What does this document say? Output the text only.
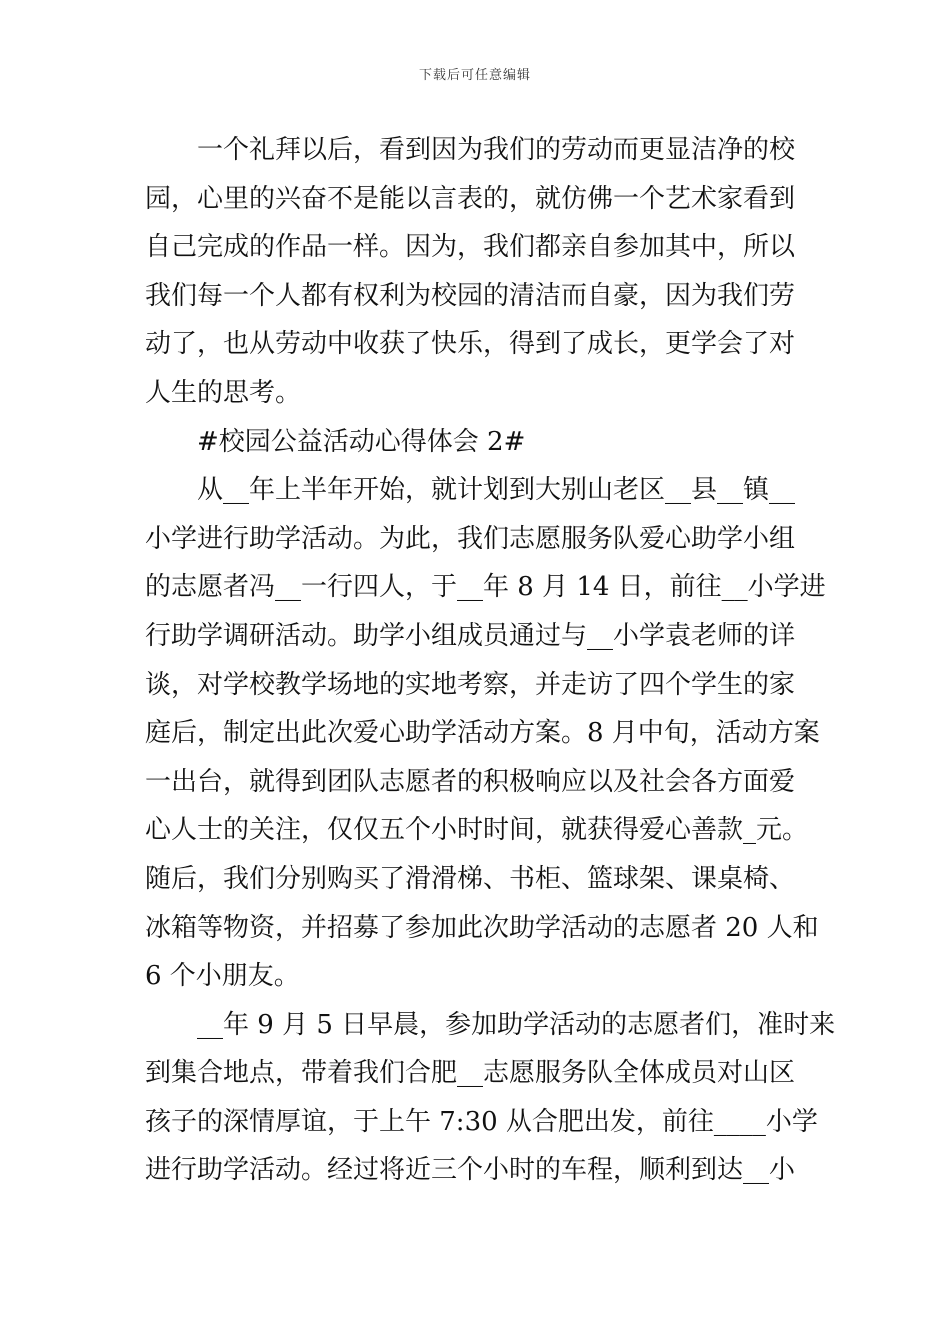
下载后可任意编辑
一个礼拜以后，看到因为我们的劳动而更显洁净的校
园，心里的兴奋不是能以言表的，就仿佛一个艺术家看到
自己完成的作品一样。因为，我们都亲自参加其中，所以
我们每一个人都有权利为校园的清洁而自豪，因为我们劳
动了，也从劳动中收获了快乐，得到了成长，更学会了对
人生的思考。
#校园公益活动心得体会 2#
从__年上半年开始，就计划到大别山老区__县__镇__
小学进行助学活动。为此，我们志愿服务队爱心助学小组
的志愿者冯__一行四人，于__年 8 月 14 日，前往__小学进
行助学调研活动。助学小组成员通过与__小学袁老师的详
谈，对学校教学场地的实地考察，并走访了四个学生的家
庭后，制定出此次爱心助学活动方案。8 月中旬，活动方案
一出台，就得到团队志愿者的积极响应以及社会各方面爱
心人士的关注，仅仅五个小时时间，就获得爱心善款_元。
随后，我们分别购买了滑滑梯、书柜、篮球架、课桌椅、
冰箱等物资，并招募了参加此次助学活动的志愿者 20 人和
6 个小朋友。
__年 9 月 5 日早晨，参加助学活动的志愿者们，准时来
到集合地点，带着我们合肥__志愿服务队全体成员对山区
孩子的深情厚谊，于上午 7:30 从合肥出发，前往____小学
进行助学活动。经过将近三个小时的车程，顺利到达__小
